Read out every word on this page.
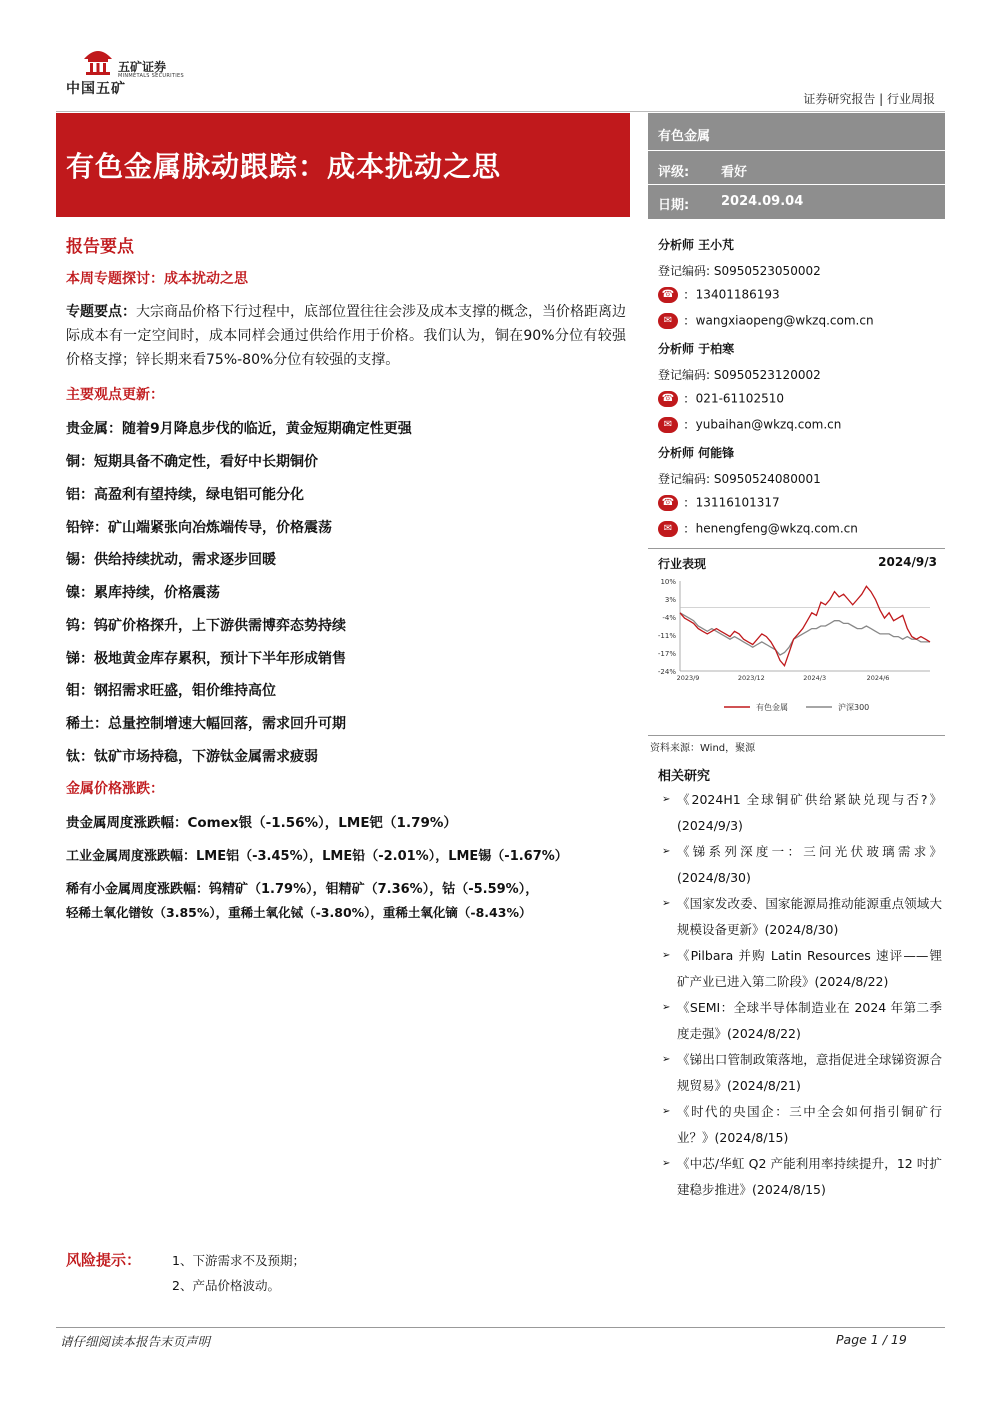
中国五矿
五矿证券
MINMETALS SECURITIES
证券研究报告 | 行业周报
有色金属脉动跟踪：成本扰动之思
有色金属
评级: 看好
日期: 2024.09.04
报告要点
本周专题探讨：成本扰动之思
专题要点：大宗商品价格下行过程中，底部位置往往会涉及成本支撑的概念，当价格距离边际成本有一定空间时，成本同样会通过供给作用于价格。我们认为，铜在90%分位有较强价格支撑；锌长期来看75%-80%分位有较强的支撑。
主要观点更新：
贵金属：随着9月降息步伐的临近，黄金短期确定性更强
铜：短期具备不确定性，看好中长期铜价
铝：高盈利有望持续，绿电铝可能分化
铅锌：矿山端紧张向冶炼端传导，价格震荡
锡：供给持续扰动，需求逐步回暖
镍：累库持续，价格震荡
钨：钨矿价格探升，上下游供需博弈态势持续
锑：极地黄金库存累积，预计下半年形成销售
钼：钢招需求旺盛，钼价维持高位
稀土：总量控制增速大幅回落，需求回升可期
钛：钛矿市场持稳，下游钛金属需求疲弱
金属价格涨跌：
贵金属周度涨跌幅：Comex银（-1.56%），LME钯（1.79%）
工业金属周度涨跌幅：LME铝（-3.45%），LME铅（-2.01%），LME锡（-1.67%）
稀有小金属周度涨跌幅：钨精矿（1.79%），钼精矿（7.36%），钴（-5.59%），
轻稀土氧化镨钕（3.85%），重稀土氧化铽（-3.80%），重稀土氧化镝（-8.43%）
分析师 王小芃
登记编码: S0950523050002
☎ :  13401186193
✉ :  wangxiaopeng@wkzq.com.cn
分析师 于柏寒
登记编码: S0950523120002
☎ :  021-61102510
✉ :  yubaihan@wkzq.com.cn
分析师 何能锋
登记编码: S0950524080001
☎ :  13116101317
✉ :  henengfeng@wkzq.com.cn
行业表现	2024/9/3
10%
3%
-4%
-11%
-17%
-24%
2023/9	2023/12	2024/3	2024/6
有色金属	沪深300
资料来源：Wind，聚源
相关研究
➢ 《2024H1 全球铜矿供给紧缺兑现与否?》(2024/9/3)
➢ 《锑系列深度一：三问光伏玻璃需求》(2024/8/30)
➢ 《国家发改委、国家能源局推动能源重点领域大规模设备更新》(2024/8/30)
➢ 《Pilbara 并购 Latin Resources 速评——锂矿产业已进入第二阶段》(2024/8/22)
➢ 《SEMI：全球半导体制造业在 2024 年第二季度走强》(2024/8/22)
➢ 《锑出口管制政策落地，意指促进全球锑资源合规贸易》(2024/8/21)
➢ 《时代的央国企：三中全会如何指引铜矿行业？》(2024/8/15)
➢ 《中芯/华虹 Q2 产能利用率持续提升，12 吋扩建稳步推进》(2024/8/15)
风险提示： 1、下游需求不及预期；
2、产品价格波动。
请仔细阅读本报告末页声明	Page 1 / 19
